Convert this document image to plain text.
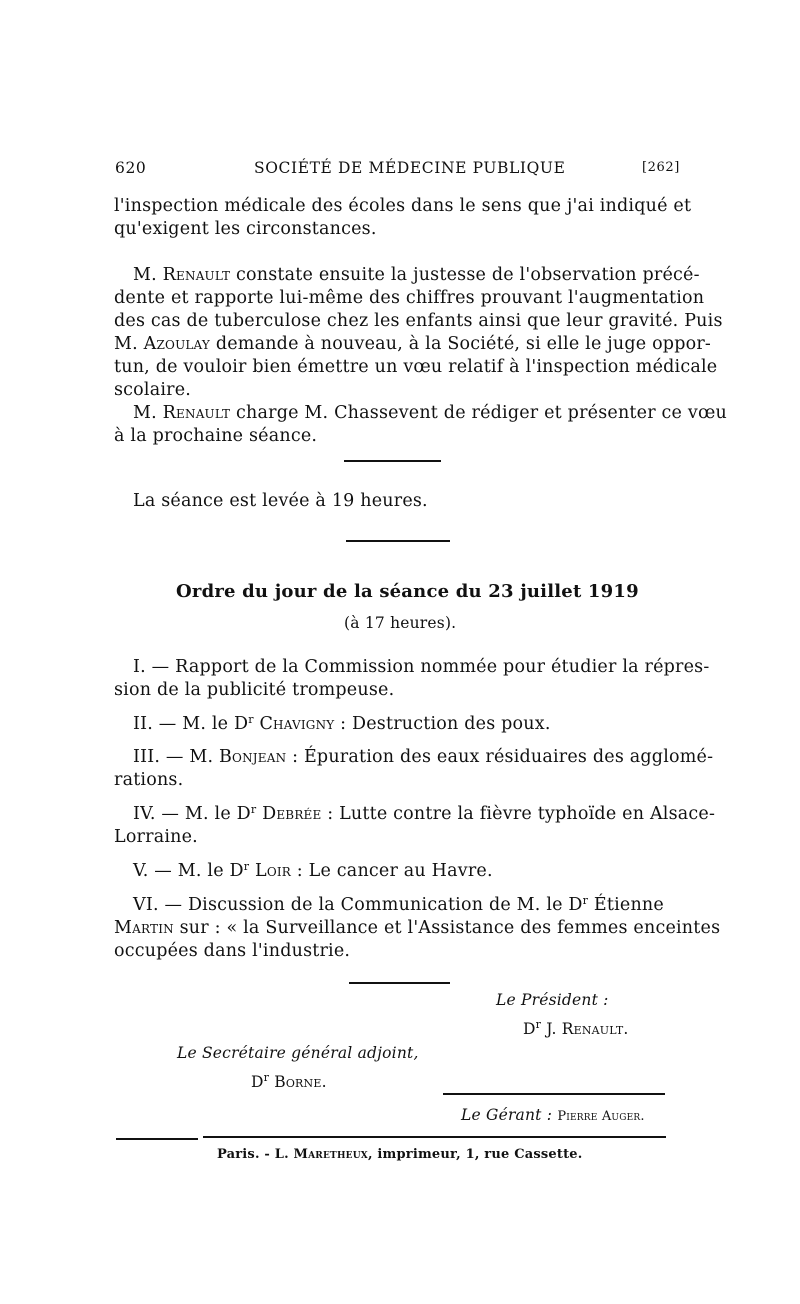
620	SOCIÉTÉ DE MÉDECINE PUBLIQUE	[262]
l'inspection médicale des écoles dans le sens que j'ai indiqué et
qu'exigent les circonstances.
M. Renault constate ensuite la justesse de l'observation précé-
dente et rapporte lui-même des chiffres prouvant l'augmentation
des cas de tuberculose chez les enfants ainsi que leur gravité. Puis
M. Azoulay demande à nouveau, à la Société, si elle le juge oppor-
tun, de vouloir bien émettre un vœu relatif à l'inspection médicale
scolaire.
M. Renault charge M. Chassevent de rédiger et présenter ce vœu
à la prochaine séance.
La séance est levée à 19 heures.
Ordre du jour de la séance du 23 juillet 1919
(à 17 heures).
I. — Rapport de la Commission nommée pour étudier la répres-
sion de la publicité trompeuse.
II. — M. le $D^r$ Chavigny : Destruction des poux.
III. — M. Bonjean : Épuration des eaux résiduaires des agglomé-
rations.
IV. — M. le $D^r$ Debrée : Lutte contre la fièvre typhoïde en Alsace-
Lorraine.
V. — M. le $D^r$ Loir : Le cancer au Havre.
VI. — Discussion de la Communication de M. le $D^r$ Étienne
Martin sur : « la Surveillance et l'Assistance des femmes enceintes
occupées dans l'industrie.
Le Président :
$D^r$ J. Renault.
Le Secrétaire général adjoint,
$D^r$ Borne.
Le Gérant : Pierre Auger.
Paris. - L. Maretheux, imprimeur, 1, rue Cassette.
